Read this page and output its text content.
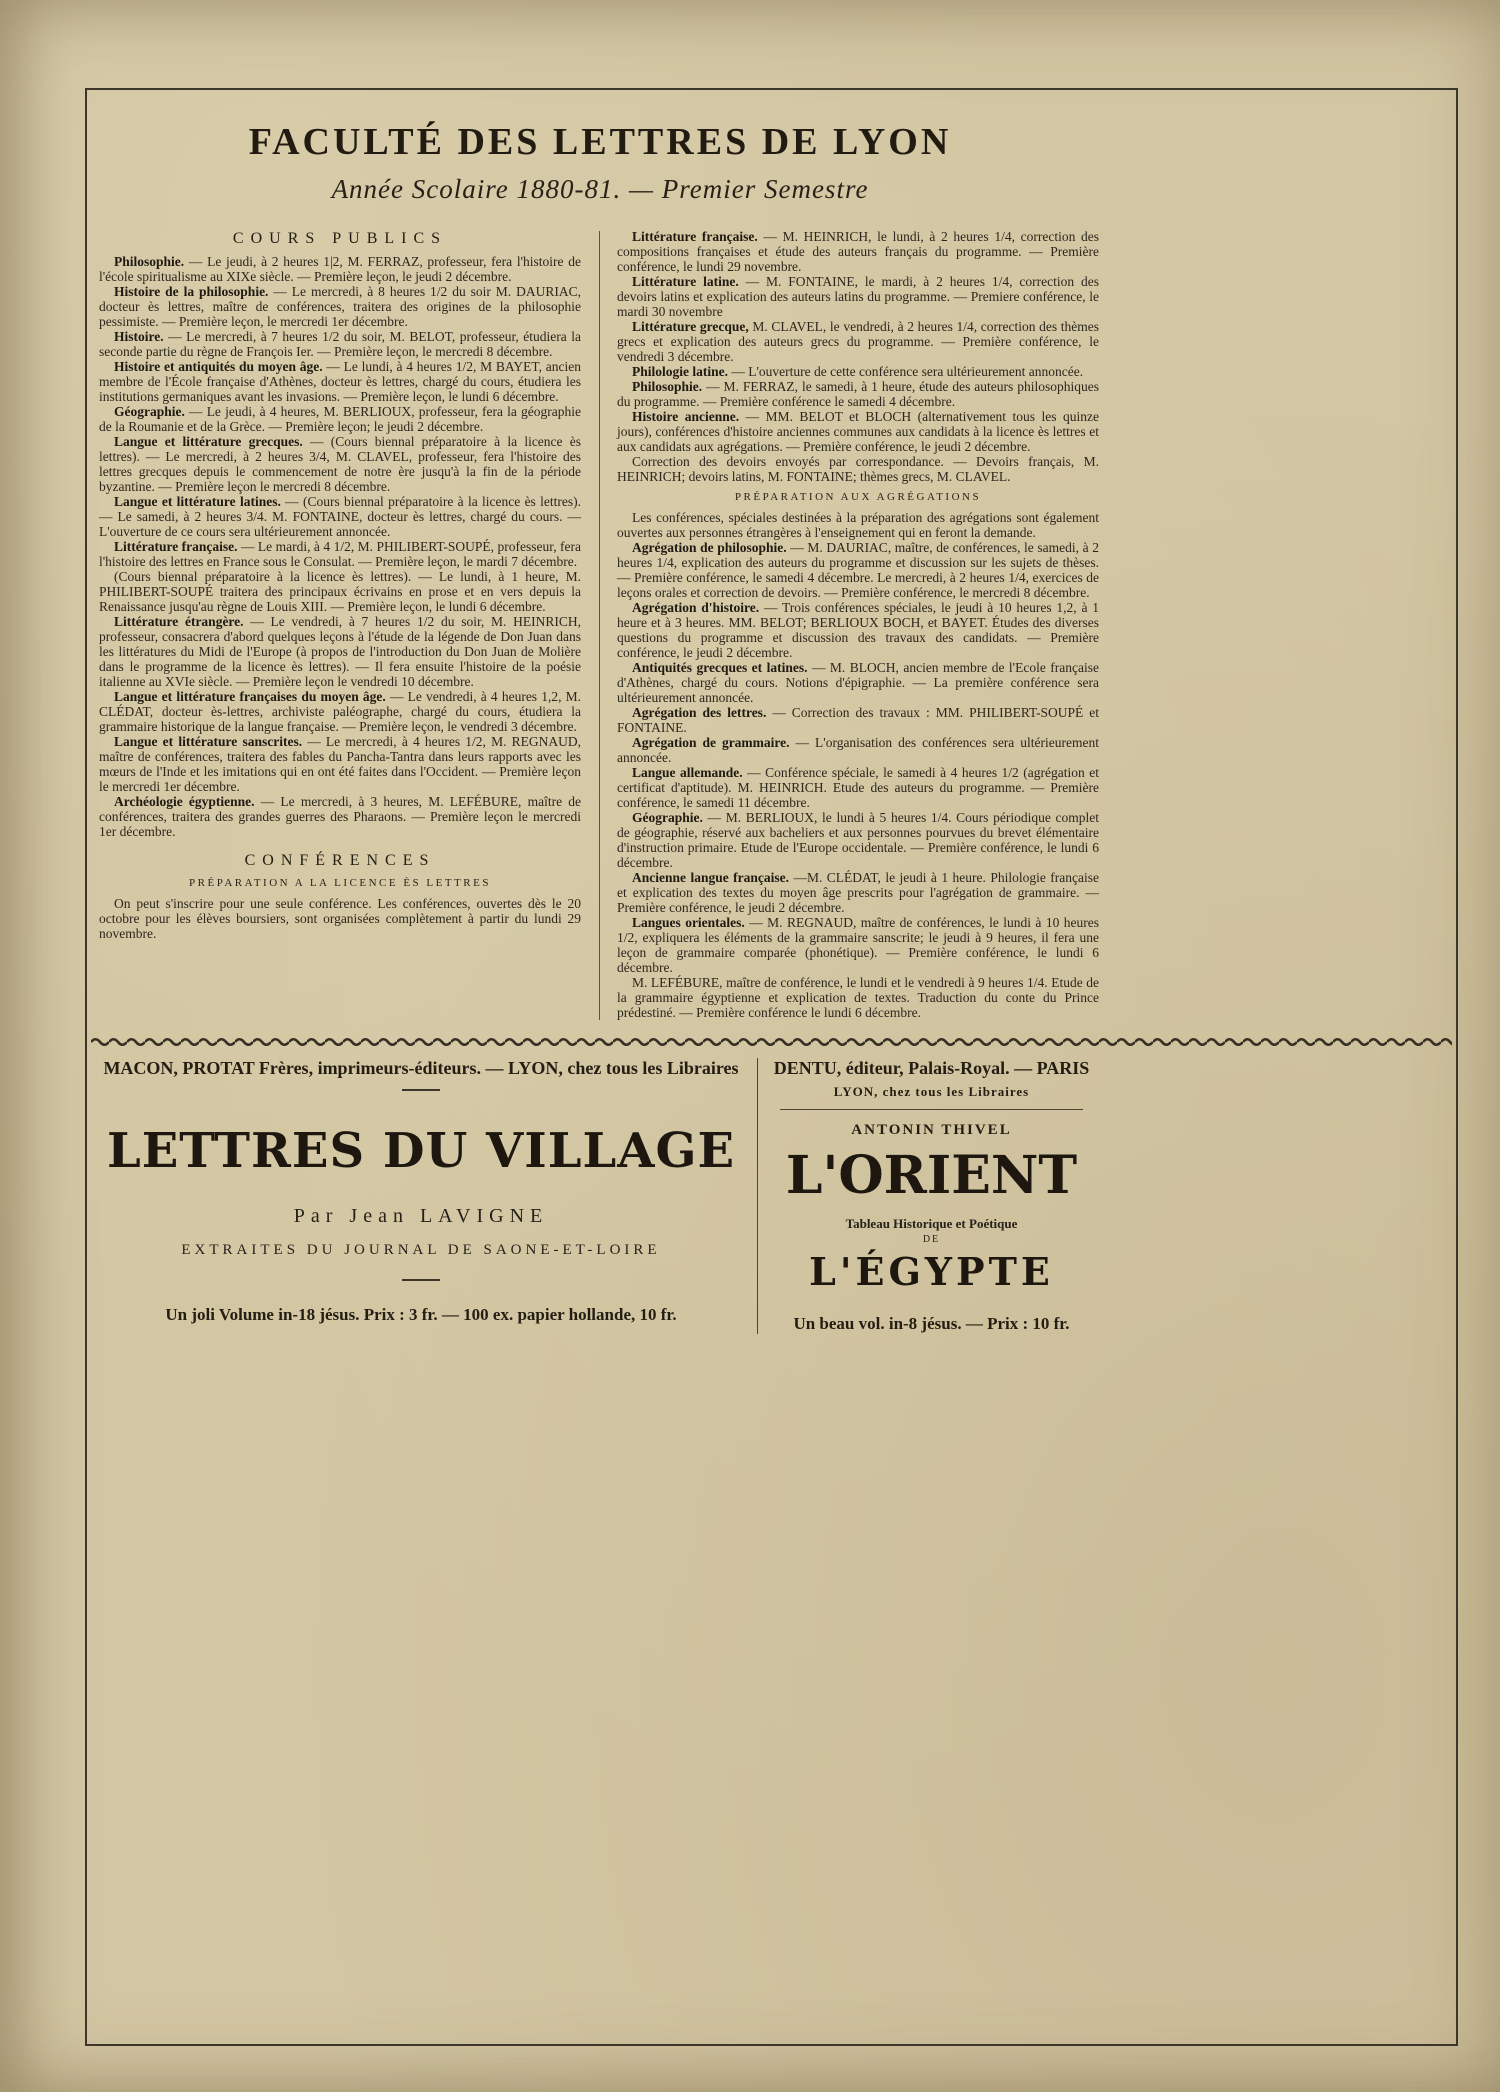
FACULTÉ DES LETTRES DE LYON
Année Scolaire 1880-81. — Premier Semestre
COURS PUBLICS

Philosophie. — Le jeudi, à 2 heures 1|2, M. FERRAZ, professeur, fera l'histoire de l'école spiritualisme au XIXe siècle. — Première leçon, le jeudi 2 décembre.

Histoire de la philosophie. — Le mercredi, à 8 heures 1/2 du soir M. DAURIAC, docteur ès lettres, maître de conférences, traitera des origines de la philosophie pessimiste. — Première leçon, le mercredi 1er décembre.

Histoire. — Le mercredi, à 7 heures 1/2 du soir, M. BELOT, professeur, étudiera la seconde partie du règne de François Ier. — Première leçon, le mercredi 8 décembre.

Histoire et antiquités du moyen âge. — Le lundi, à 4 heures 1/2, M BAYET, ancien membre de l'École française d'Athènes, docteur ès lettres, chargé du cours, étudiera les institutions germaniques avant les invasions. — Première leçon, le lundi 6 décembre.

Géographie. — Le jeudi, à 4 heures, M. BERLIOUX, professeur, fera la géographie de la Roumanie et de la Grèce. — Première leçon; le jeudi 2 décembre.

Langue et littérature grecques. — (Cours biennal préparatoire à la licence ès lettres). — Le mercredi, à 2 heures 3/4, M. CLAVEL, professeur, fera l'histoire des lettres grecques depuis le commencement de notre ère jusqu'à la fin de la période byzantine. — Première leçon le mercredi 8 décembre.

Langue et littérature latines. — (Cours biennal préparatoire à la licence ès lettres). — Le samedi, à 2 heures 3/4. M. FONTAINE, docteur ès lettres, chargé du cours. — L'ouverture de ce cours sera ultérieurement annoncée.

Littérature française. — Le mardi, à 4 1/2, M. PHILIBERT-SOUPÉ, professeur, fera l'histoire des lettres en France sous le Consulat. — Première leçon, le mardi 7 décembre.

(Cours biennal préparatoire à la licence ès lettres). — Le lundi, à 1 heure, M. PHILIBERT-SOUPÉ traitera des principaux écrivains en prose et en vers depuis la Renaissance jusqu'au règne de Louis XIII. — Première leçon, le lundi 6 décembre.

Littérature étrangère. — Le vendredi, à 7 heures 1/2 du soir, M. HEINRICH, professeur, consacrera d'abord quelques leçons à l'étude de la légende de Don Juan dans les littératures du Midi de l'Europe (à propos de l'introduction du Don Juan de Molière dans le programme de la licence ès lettres). — Il fera ensuite l'histoire de la poésie italienne au XVIe siècle. — Première leçon le vendredi 10 décembre.

Langue et littérature françaises du moyen âge. — Le vendredi, à 4 heures 1,2, M. CLÉDAT, docteur ès-lettres, archiviste paléographe, chargé du cours, étudiera la grammaire historique de la langue française. — Première leçon, le vendredi 3 décembre.

Langue et littérature sanscrites. — Le mercredi, à 4 heures 1/2, M. REGNAUD, maître de conférences, traitera des fables du Pancha-Tantra dans leurs rapports avec les mœurs de l'Inde et les imitations qui en ont été faites dans l'Occident. — Première leçon le mercredi 1er décembre.

Archéologie égyptienne. — Le mercredi, à 3 heures, M. LEFÉBURE, maître de conférences, traitera des grandes guerres des Pharaons. — Première leçon le mercredi 1er décembre.

CONFÉRENCES
PRÉPARATION A LA LICENCE ÈS LETTRES

On peut s'inscrire pour une seule conférence. Les conférences, ouvertes dès le 20 octobre pour les élèves boursiers, sont organisées complètement à partir du lundi 29 novembre.

Littérature française. — M. HEINRICH, le lundi, à 2 heures 1/4, correction des compositions françaises et étude des auteurs français du programme. — Première conférence, le lundi 29 novembre.

Littérature latine. — M. FONTAINE, le mardi, à 2 heures 1/4, correction des devoirs latins et explication des auteurs latins du programme. — Premiere conférence, le mardi 30 novembre

Littérature grecque, M. CLAVEL, le vendredi, à 2 heures 1/4, correction des thèmes grecs et explication des auteurs grecs du programme. — Première conférence, le vendredi 3 décembre.

Philologie latine. — L'ouverture de cette conférence sera ultérieurement annoncée.

Philosophie. — M. FERRAZ, le samedi, à 1 heure, étude des auteurs philosophiques du programme. — Première conférence le samedi 4 décembre.

Histoire ancienne. — MM. BELOT et BLOCH (alternativement tous les quinze jours), conférences d'histoire anciennes communes aux candidats à la licence ès lettres et aux candidats aux agrégations. — Première conférence, le jeudi 2 décembre.

Correction des devoirs envoyés par correspondance. — Devoirs français, M. HEINRICH; devoirs latins, M. FONTAINE; thèmes grecs, M. CLAVEL.

PRÉPARATION AUX AGRÉGATIONS

Les conférences, spéciales destinées à la préparation des agrégations sont également ouvertes aux personnes étrangères à l'enseignement qui en feront la demande.

Agrégation de philosophie. — M. DAURIAC, maître, de conférences, le samedi, à 2 heures 1/4, explication des auteurs du programme et discussion sur les sujets de thèses. — Première conférence, le samedi 4 décembre. Le mercredi, à 2 heures 1/4, exercices de leçons orales et correction de devoirs. — Première conférence, le mercredi 8 décembre.

Agrégation d'histoire. — Trois conférences spéciales, le jeudi à 10 heures 1,2, à 1 heure et à 3 heures. MM. BELOT; BERLIOUX BOCH, et BAYET. Études des diverses questions du programme et discussion des travaux des candidats. — Première conférence, le jeudi 2 décembre.

Antiquités grecques et latines. — M. BLOCH, ancien membre de l'Ecole française d'Athènes, chargé du cours. Notions d'épigraphie. — La première conférence sera ultérieurement annoncée.

Agrégation des lettres. — Correction des travaux : MM. PHILIBERT-SOUPÉ et FONTAINE.

Agrégation de grammaire. — L'organisation des conférences sera ultérieurement annoncée.

Langue allemande. — Conférence spéciale, le samedi à 4 heures 1/2 (agrégation et certificat d'aptitude). M. HEINRICH. Etude des auteurs du programme. — Première conférence, le samedi 11 décembre.

Géographie. — M. BERLIOUX, le lundi à 5 heures 1/4. Cours périodique complet de géographie, réservé aux bacheliers et aux personnes pourvues du brevet élémentaire d'instruction primaire. Etude de l'Europe occidentale. — Première conférence, le lundi 6 décembre.

Ancienne langue française. —M. CLÉDAT, le jeudi à 1 heure. Philologie française et explication des textes du moyen âge prescrits pour l'agrégation de grammaire. — Première conférence, le jeudi 2 décembre.

Langues orientales. — M. REGNAUD, maître de conférences, le lundi à 10 heures 1/2, expliquera les éléments de la grammaire sanscrite; le jeudi à 9 heures, il fera une leçon de grammaire comparée (phonétique). — Première conférence, le lundi 6 décembre.

M. LEFÉBURE, maître de conférence, le lundi et le vendredi à 9 heures 1/4. Etude de la grammaire égyptienne et explication de textes. Traduction du conte du Prince prédestiné. — Première conférence le lundi 6 décembre.

MACON, PROTAT Frères, imprimeurs-éditeurs. — LYON, chez tous les Libraires
LETTRES DU VILLAGE
Par Jean LAVIGNE
EXTRAITES DU JOURNAL DE SAONE-ET-LOIRE
Un joli Volume in-18 jésus. Prix : 3 fr. — 100 ex. papier hollande, 10 fr.
DENTU, éditeur, Palais-Royal. — PARIS
LYON, chez tous les Libraires
ANTONIN THIVEL
L'ORIENT
Tableau Historique et Poétique
DE
L'ÉGYPTE
Un beau vol. in-8 jésus. — Prix : 10 fr.
